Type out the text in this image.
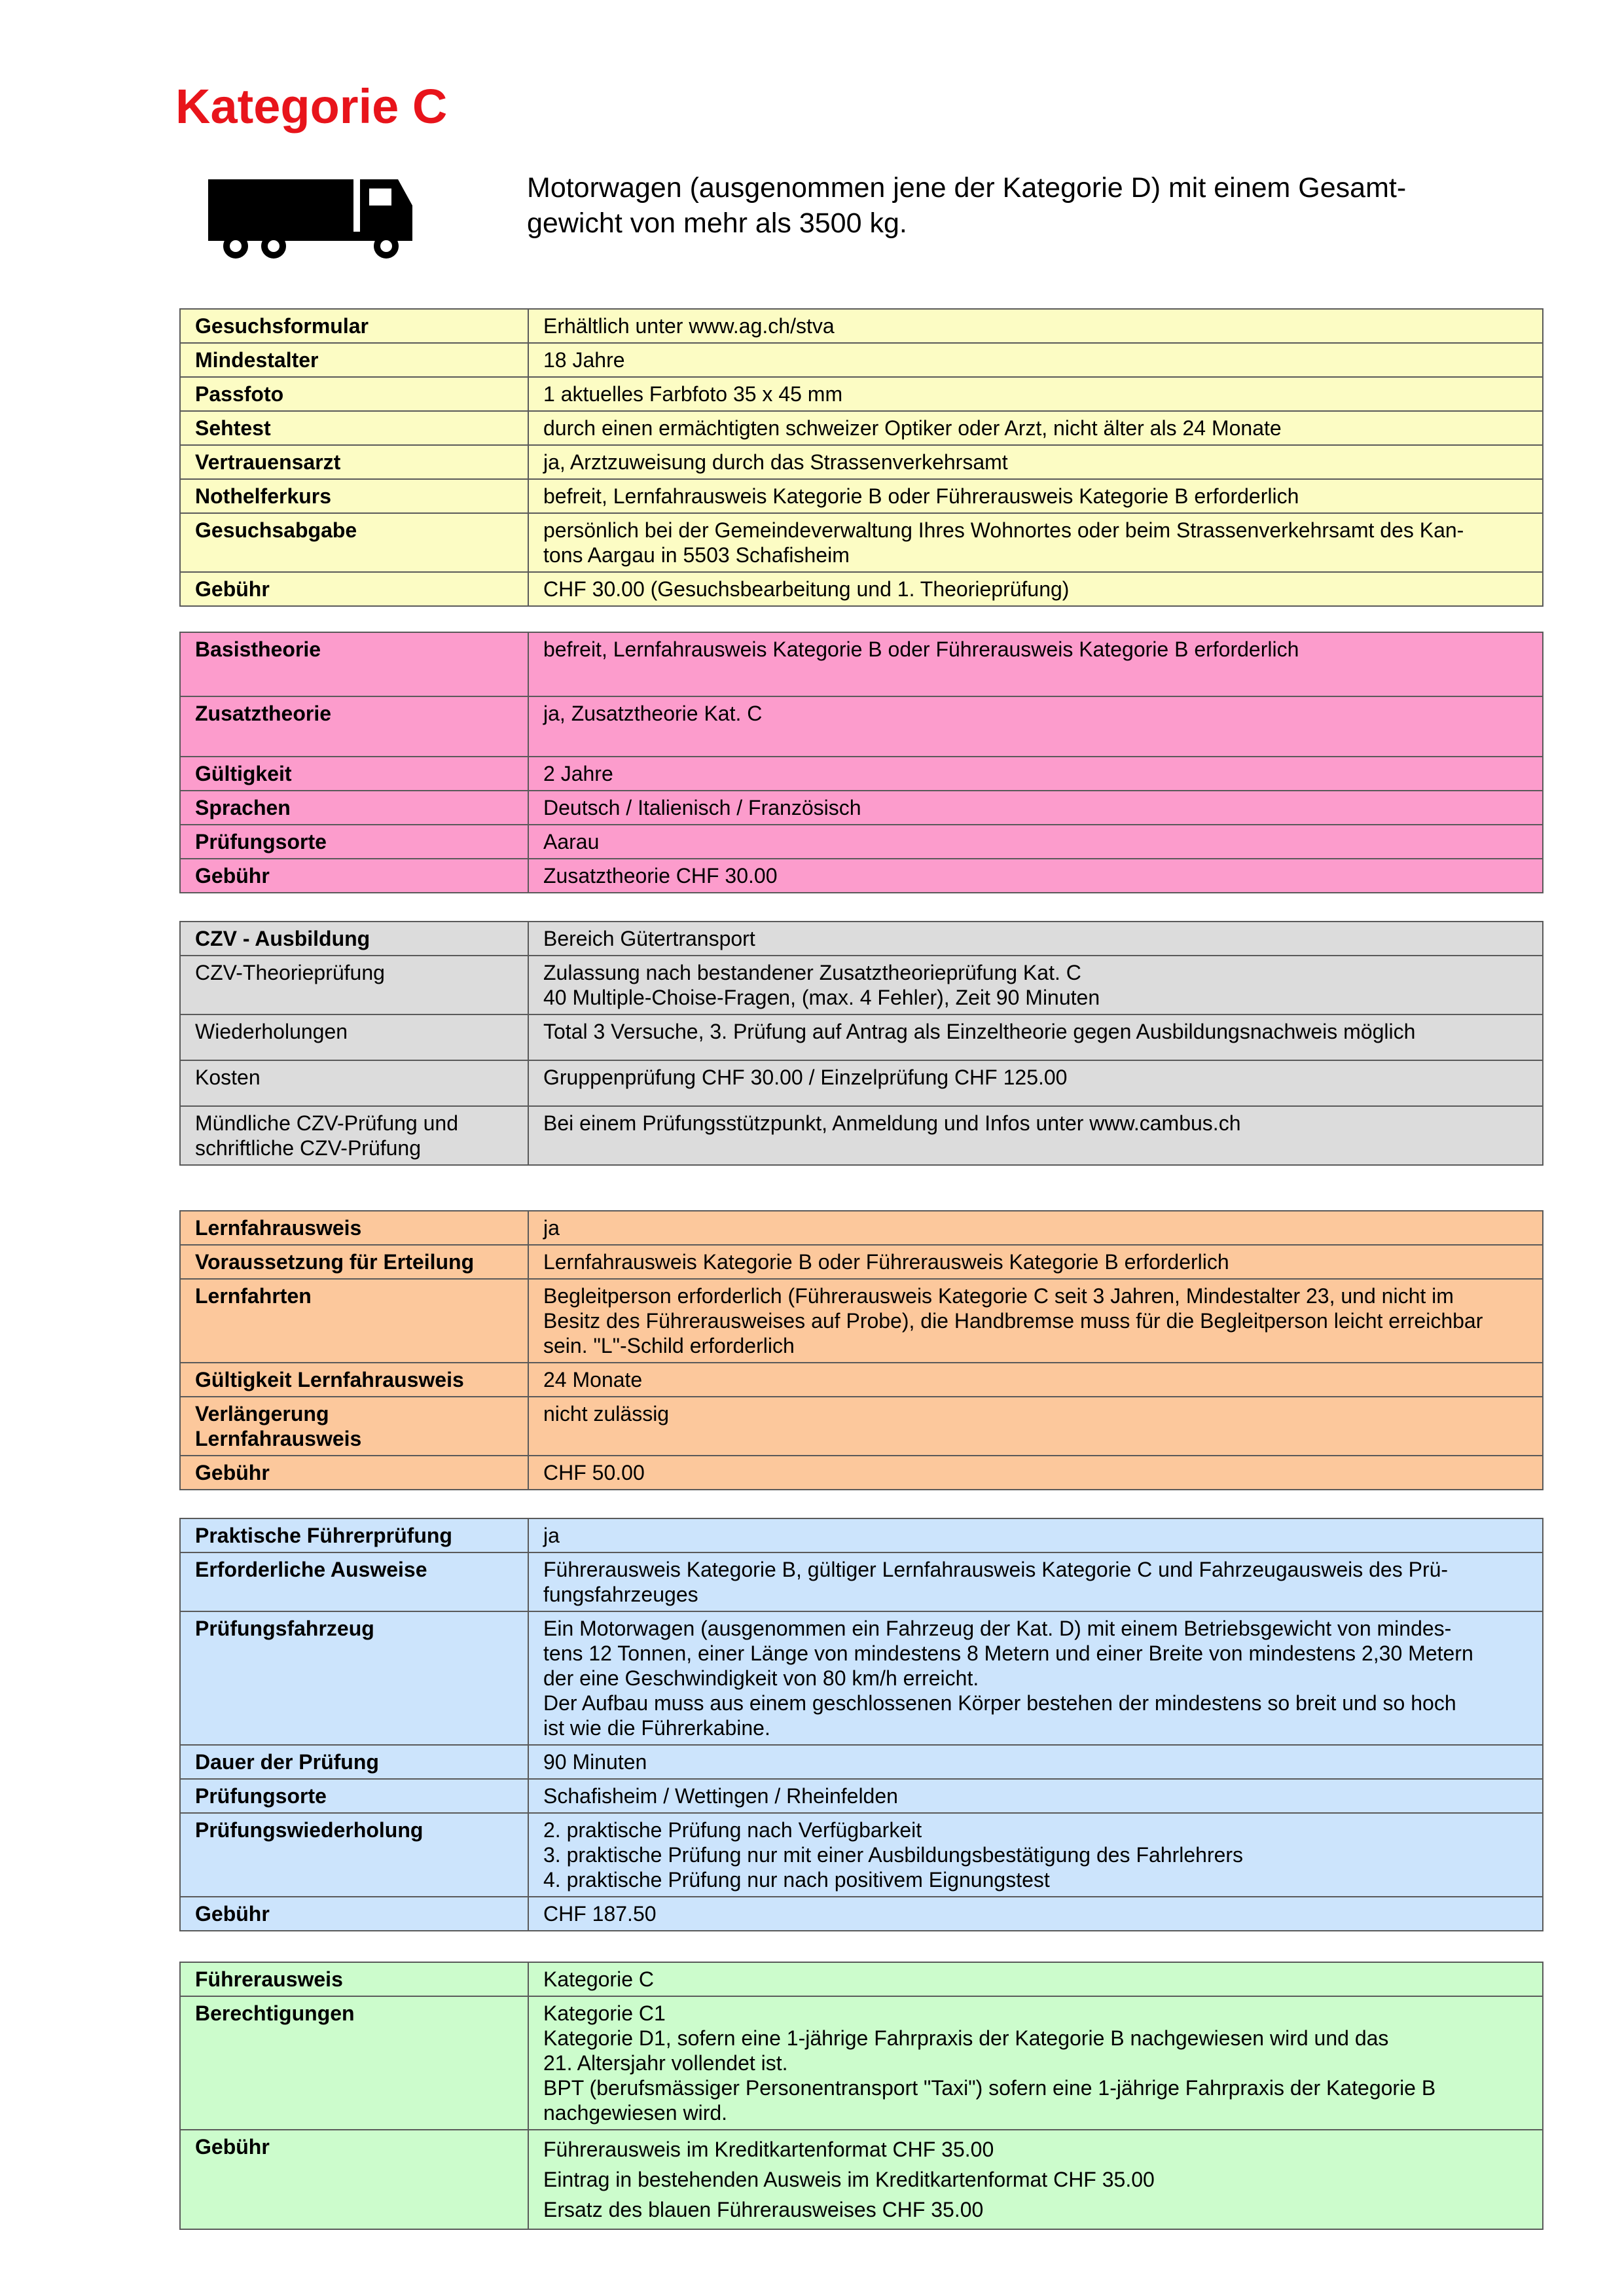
Kategorie C
Motorwagen (ausgenommen jene der Kategorie D) mit einem Gesamt-
gewicht von mehr als 3500 kg.
Gesuchsformular	Erhältlich unter www.ag.ch/stva
Mindestalter	18 Jahre
Passfoto	1 aktuelles Farbfoto 35 x 45 mm
Sehtest	durch einen ermächtigten schweizer Optiker oder Arzt, nicht älter als 24 Monate
Vertrauensarzt	ja, Arztzuweisung durch das Strassenverkehrsamt
Nothelferkurs	befreit, Lernfahrausweis Kategorie B oder Führerausweis Kategorie B erforderlich
Gesuchsabgabe	persönlich bei der Gemeindeverwaltung Ihres Wohnortes oder beim Strassenverkehrsamt des Kan-
tons Aargau in 5503 Schafisheim

Gebühr	CHF 30.00 (Gesuchsbearbeitung und 1. Theorieprüfung)
Basistheorie	befreit, Lernfahrausweis Kategorie B oder Führerausweis Kategorie B erforderlich
Zusatztheorie	ja, Zusatztheorie Kat. C
Gültigkeit	2 Jahre
Sprachen	Deutsch / Italienisch / Französisch
Prüfungsorte	Aarau
Gebühr	Zusatztheorie CHF 30.00
CZV - Ausbildung	Bereich Gütertransport
CZV-Theorieprüfung	Zulassung nach bestandener Zusatztheorieprüfung Kat. C
40 Multiple-Choise-Fragen, (max. 4 Fehler), Zeit 90 Minuten

Wiederholungen	Total 3 Versuche, 3. Prüfung auf Antrag als Einzeltheorie gegen Ausbildungsnachweis möglich
Kosten	Gruppenprüfung CHF 30.00 / Einzelprüfung CHF 125.00

Mündliche CZV-Prüfung und
schriftliche CZV-Prüfung	Bei einem Prüfungsstützpunkt, Anmeldung und Infos unter www.cambus.ch
Lernfahrausweis	ja
Voraussetzung für Erteilung	Lernfahrausweis Kategorie B oder Führerausweis Kategorie B erforderlich
Lernfahrten	Begleitperson erforderlich (Führerausweis Kategorie C seit 3 Jahren, Mindestalter 23, und nicht im
Besitz des Führerausweises auf Probe), die Handbremse muss für die Begleitperson leicht erreichbar
sein. "L"-Schild erforderlich

Gültigkeit Lernfahrausweis	24 Monate

Verlängerung
Lernfahrausweis	nicht zulässig
Gebühr	CHF 50.00
Praktische Führerprüfung	ja
Erforderliche Ausweise	Führerausweis Kategorie B, gültiger Lernfahrausweis Kategorie C und Fahrzeugausweis des Prü-
fungsfahrzeuges

Prüfungsfahrzeug	Ein Motorwagen (ausgenommen ein Fahrzeug der Kat. D) mit einem Betriebsgewicht von mindes-
tens 12 Tonnen, einer Länge von mindestens 8 Metern und einer Breite von mindestens 2,30 Metern
der eine Geschwindigkeit von 80 km/h erreicht.
Der Aufbau muss aus einem geschlossenen Körper bestehen der mindestens so breit und so hoch
ist wie die Führerkabine.

Dauer der Prüfung	90 Minuten
Prüfungsorte	Schafisheim / Wettingen / Rheinfelden
Prüfungswiederholung	2. praktische Prüfung nach Verfügbarkeit
3. praktische Prüfung nur mit einer Ausbildungsbestätigung des Fahrlehrers
4. praktische Prüfung nur nach positivem Eignungstest

Gebühr	CHF 187.50
Führerausweis	Kategorie C
Berechtigungen	Kategorie C1
Kategorie D1, sofern eine 1-jährige Fahrpraxis der Kategorie B nachgewiesen wird und das
21. Altersjahr vollendet ist.
BPT (berufsmässiger Personentransport "Taxi") sofern eine 1-jährige Fahrpraxis der Kategorie B
nachgewiesen wird.

Gebühr	Führerausweis im Kreditkartenformat CHF 35.00
Eintrag in bestehenden Ausweis im Kreditkartenformat CHF 35.00
Ersatz des blauen Führerausweises CHF 35.00
